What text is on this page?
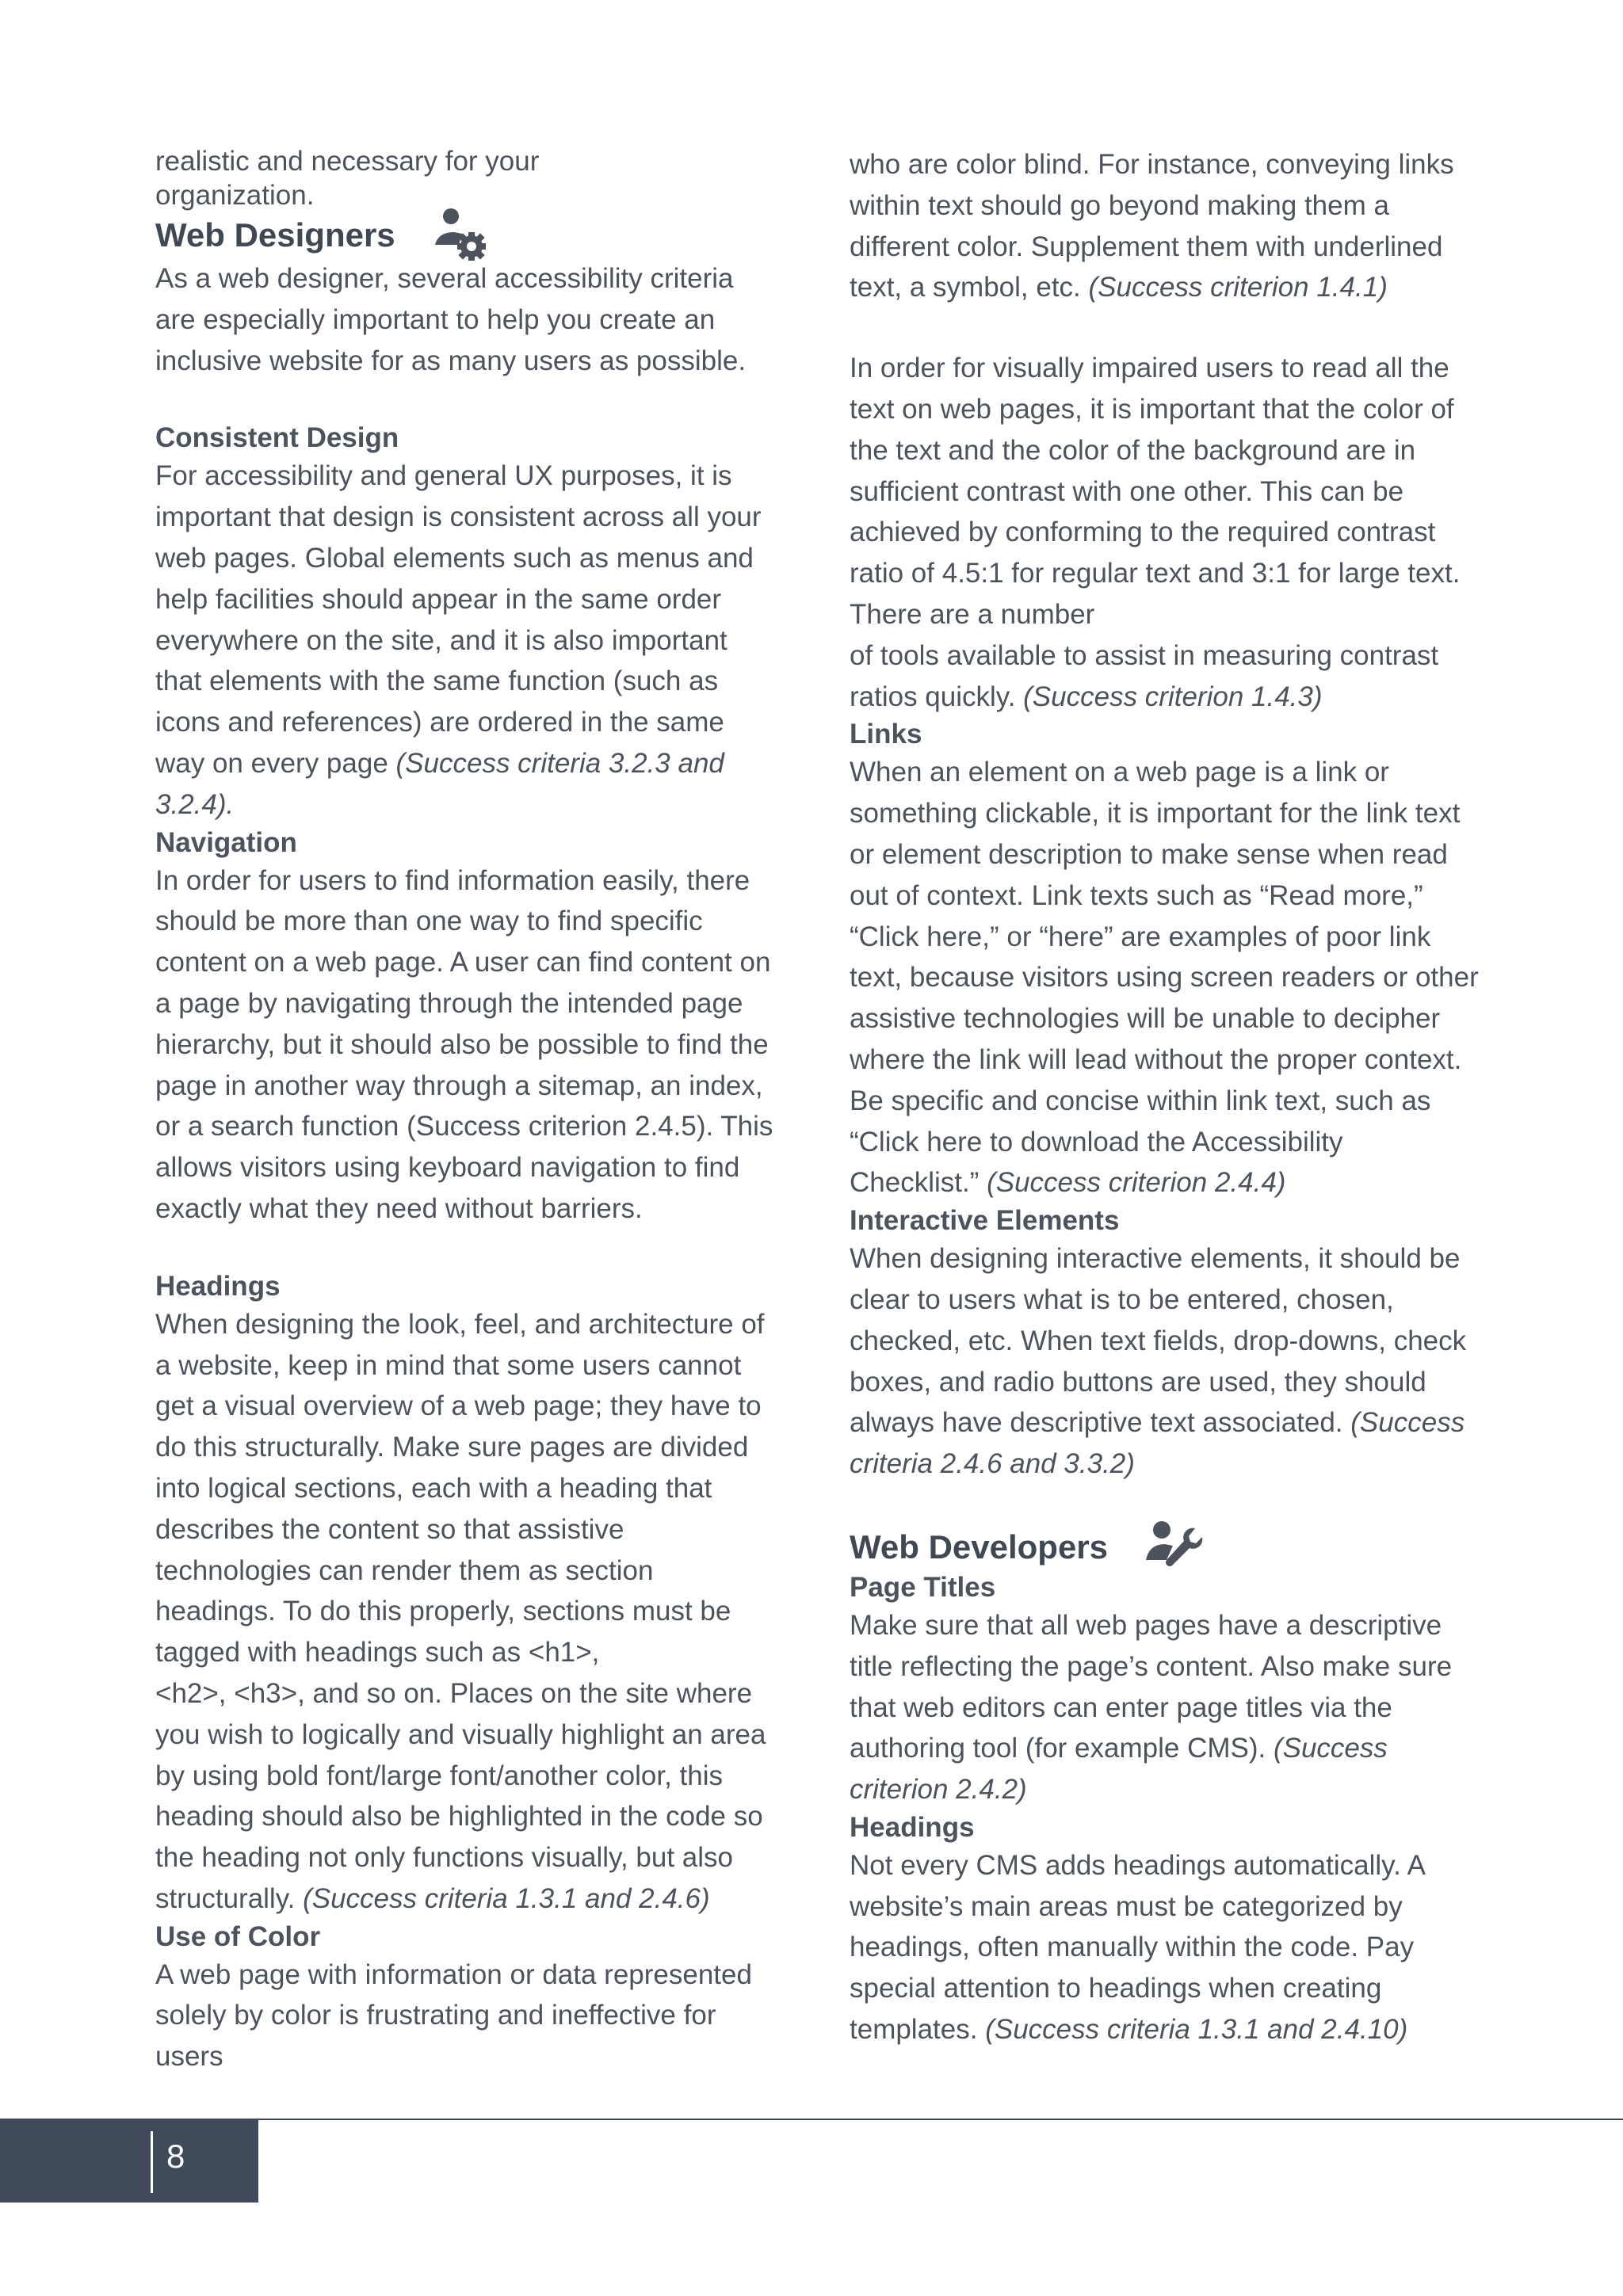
realistic and necessary for your
organization.

Web Designers

As a web designer, several accessibility criteria
are especially important to help you create an
inclusive website for as many users as possible.

Consistent Design

For accessibility and general UX purposes, it is
important that design is consistent across all your
web pages. Global elements such as menus and
help facilities should appear in the same order
everywhere on the site, and it is also important
that elements with the same function (such as
icons and references) are ordered in the same
way on every page (Success criteria 3.2.3 and
3.2.4).

Navigation

In order for users to find information easily, there
should be more than one way to find specific
content on a web page. A user can find content on
a page by navigating through the intended page
hierarchy, but it should also be possible to find the
page in another way through a sitemap, an index,
or a search function (Success criterion 2.4.5). This
allows visitors using keyboard navigation to find
exactly what they need without barriers.

Headings

When designing the look, feel, and architecture of
a website, keep in mind that some users cannot
get a visual overview of a web page; they have to
do this structurally. Make sure pages are divided
into logical sections, each with a heading that
describes the content so that assistive
technologies can render them as section
headings. To do this properly, sections must be
tagged with headings such as <h1>,
<h2>, <h3>, and so on. Places on the site where
you wish to logically and visually highlight an area
by using bold font/large font/another color, this
heading should also be highlighted in the code so
the heading not only functions visually, but also
structurally. (Success criteria 1.3.1 and 2.4.6)

Use of Color

A web page with information or data represented
solely by color is frustrating and ineffective for
users

who are color blind. For instance, conveying links
within text should go beyond making them a
different color. Supplement them with underlined
text, a symbol, etc. (Success criterion 1.4.1)

In order for visually impaired users to read all the
text on web pages, it is important that the color of
the text and the color of the background are in
sufficient contrast with one other. This can be
achieved by conforming to the required contrast
ratio of 4.5:1 for regular text and 3:1 for large text.
There are a number
of tools available to assist in measuring contrast
ratios quickly. (Success criterion 1.4.3)

Links

When an element on a web page is a link or
something clickable, it is important for the link text
or element description to make sense when read
out of context. Link texts such as “Read more,”
“Click here,” or “here” are examples of poor link
text, because visitors using screen readers or other
assistive technologies will be unable to decipher
where the link will lead without the proper context.
Be specific and concise within link text, such as
“Click here to download the Accessibility
Checklist.” (Success criterion 2.4.4)

Interactive Elements

When designing interactive elements, it should be
clear to users what is to be entered, chosen,
checked, etc. When text fields, drop-downs, check
boxes, and radio buttons are used, they should
always have descriptive text associated. (Success
criteria 2.4.6 and 3.3.2)

Web Developers
Page Titles

Make sure that all web pages have a descriptive
title reflecting the page’s content. Also make sure
that web editors can enter page titles via the
authoring tool (for example CMS). (Success
criterion 2.4.2)

Headings

Not every CMS adds headings automatically. A
website’s main areas must be categorized by
headings, often manually within the code. Pay
special attention to headings when creating
templates. (Success criteria 1.3.1 and 2.4.10)

8
